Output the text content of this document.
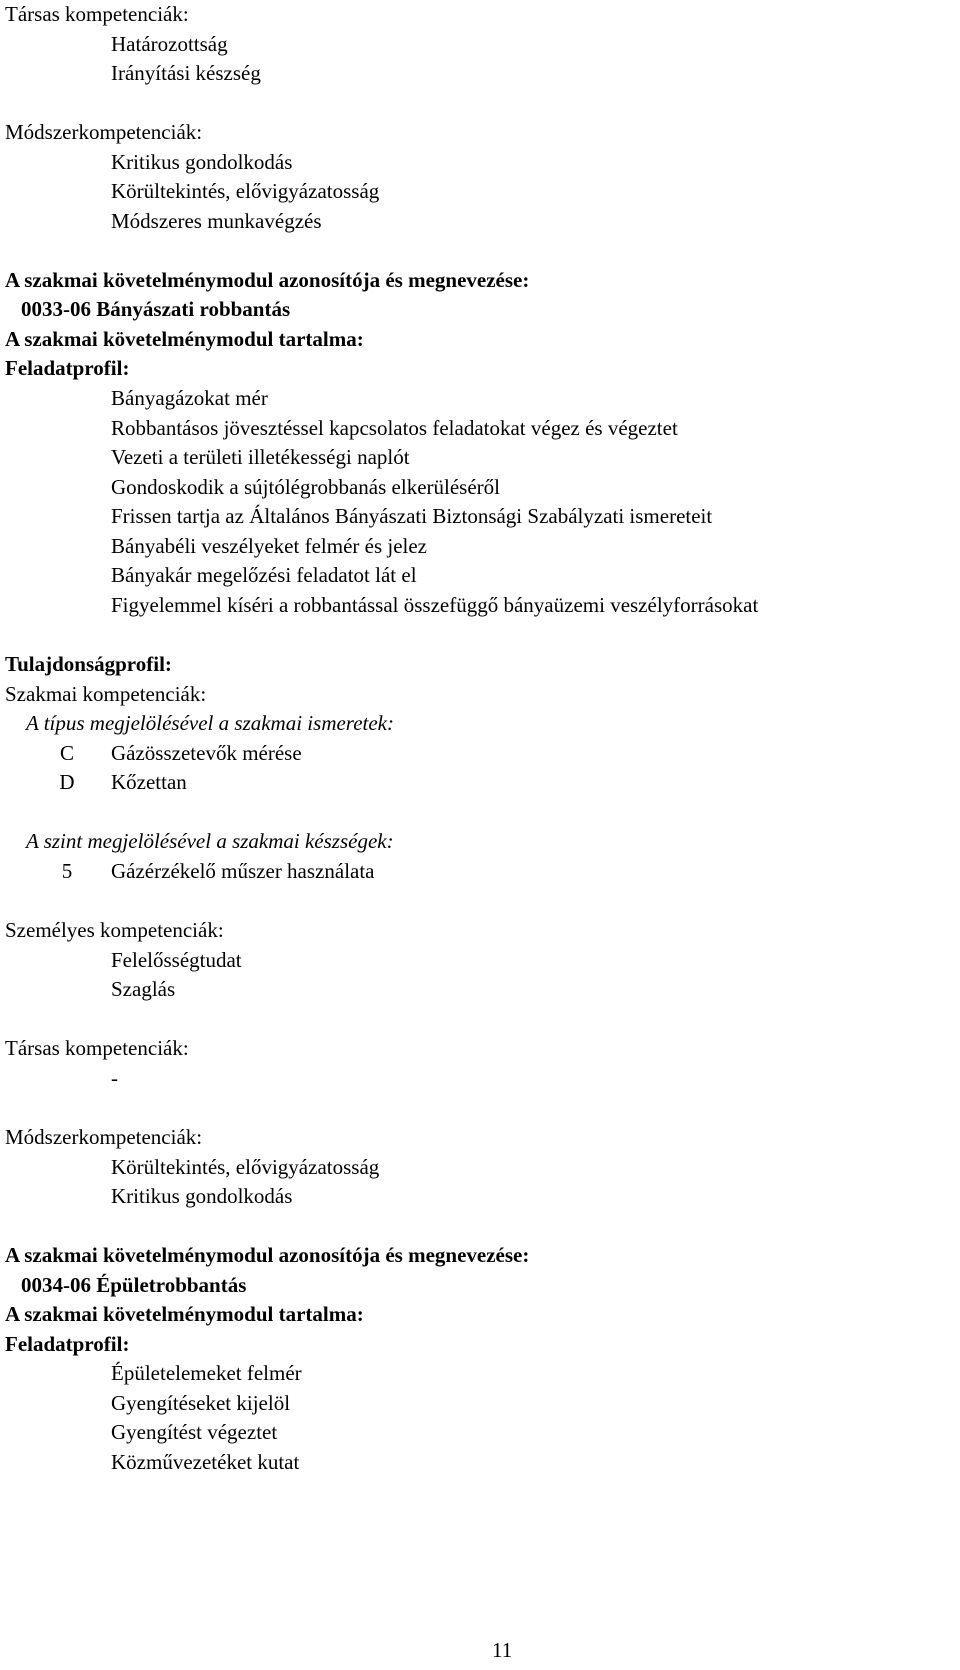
Társas kompetenciák:
Határozottság
Irányítási készség
Módszerkompetenciák:
Kritikus gondolkodás
Körültekintés, elővigyázatosság
Módszeres munkavégzés
A szakmai követelménymodul azonosítója és megnevezése:
0033-06 Bányászati robbantás
A szakmai követelménymodul tartalma:
Feladatprofil:
Bányagázokat mér
Robbantásos jövesztéssel kapcsolatos feladatokat végez és végeztet
Vezeti a területi illetékességi naplót
Gondoskodik a sújtólégrobbanás elkerüléséről
Frissen tartja az Általános Bányászati Biztonsági Szabályzati ismereteit
Bányabéli veszélyeket felmér és jelez
Bányakár megelőzési feladatot lát el
Figyelemmel kíséri a robbantással összefüggő bányaüzemi veszélyforrásokat
Tulajdonságprofil:
Szakmai kompetenciák:
A típus megjelölésével a szakmai ismeretek:
C Gázösszetevők mérése
D Kőzettan
A szint megjelölésével a szakmai készségek:
5 Gázérzékelő műszer használata
Személyes kompetenciák:
Felelősségtudat
Szaglás
Társas kompetenciák:
-
Módszerkompetenciák:
Körültekintés, elővigyázatosság
Kritikus gondolkodás
A szakmai követelménymodul azonosítója és megnevezése:
0034-06 Épületrobbantás
A szakmai követelménymodul tartalma:
Feladatprofil:
Épületelemeket felmér
Gyengítéseket kijelöl
Gyengítést végeztet
Közművezetéket kutat
11
